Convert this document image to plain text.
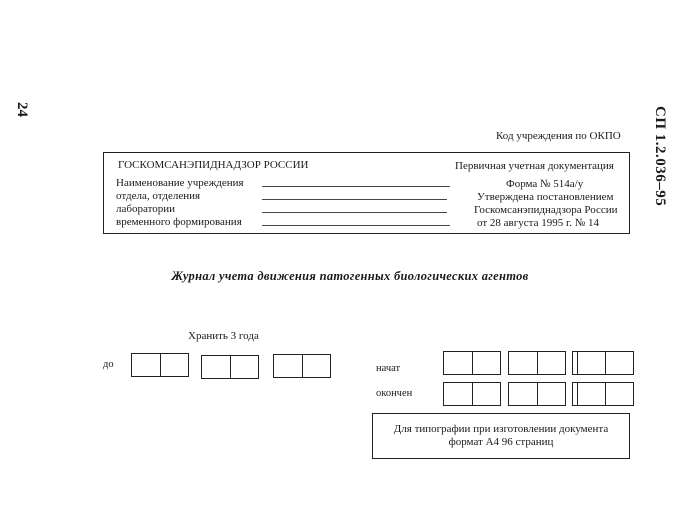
24	СП 1.2.036–95
Код учреждения по ОКПО
ГОСКОМСАНЭПИДНАДЗОР РОССИИ
Наименование учреждения
отдела, отделения
лаборатории
временного формирования
Первичная учетная документация
Форма № 514а/у
Утверждена постановлением
Госкомсанэпиднадзора России
от 28 августа 1995 г. № 14
Журнал учета движения патогенных биологических агентов
Хранить 3 года
до	начат
окончен
Для типографии при изготовлении документа
формат А4 96 страниц
